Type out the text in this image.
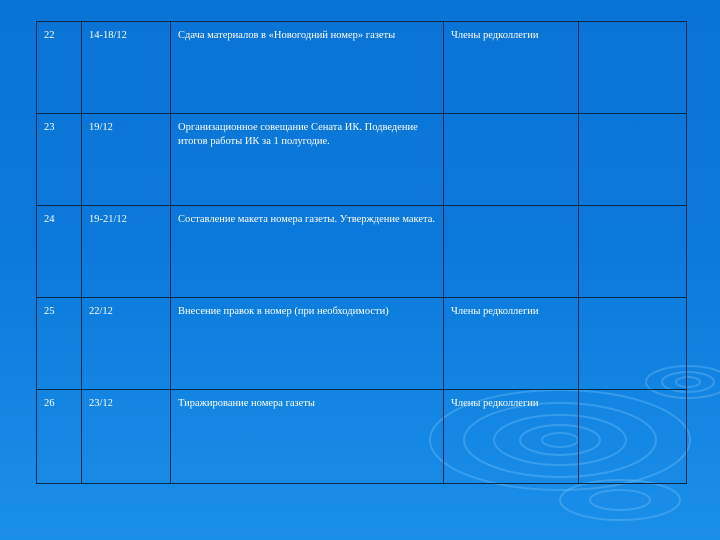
22	14-18/12	Сдача материалов в «Новогодний номер» газеты	Члены редколлегии	
23	19/12	Организационное совещание Сената ИК. Подведение итогов работы ИК за 1 полугодие.		
24	19-21/12	Составление макета номера газеты. Утверждение макета.		
25	22/12	Внесение правок в номер (при необходимости)	Члены редколлегии	
26	23/12	Тиражирование номера газеты	Члены редколлегии	
